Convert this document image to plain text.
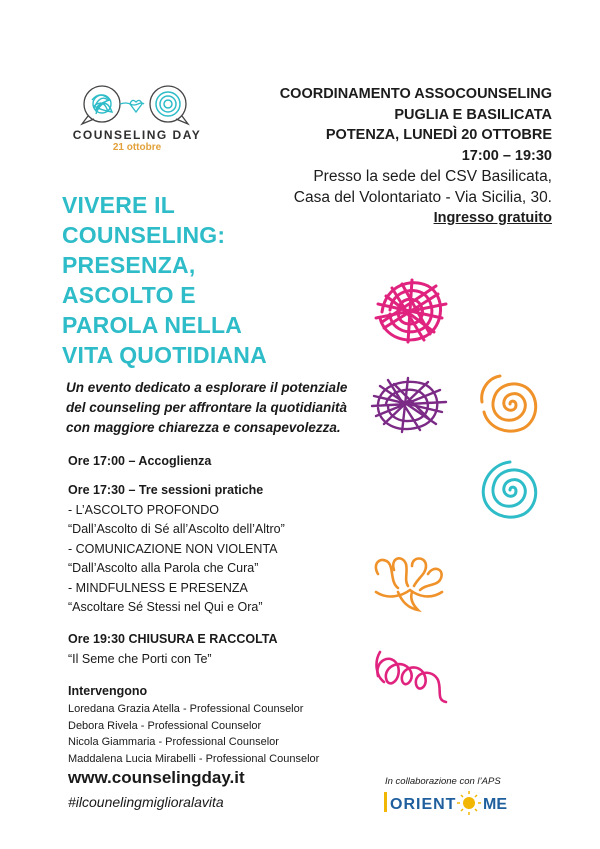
COUNSELING DAY
21 ottobre
COORDINAMENTO ASSOCOUNSELING
PUGLIA E BASILICATA
POTENZA, LUNEDÌ 20 OTTOBRE
17:00 – 19:30
Presso la sede del CSV Basilicata,
Casa del Volontariato - Via Sicilia, 30.
Ingresso gratuito
VIVERE IL
COUNSELING:
PRESENZA,
ASCOLTO E
PAROLA NELLA
VITA QUOTIDIANA
Un evento dedicato a esplorare il potenziale
del counseling per affrontare la quotidianità
con maggiore chiarezza e consapevolezza.
Ore 17:00 – Accoglienza
Ore 17:30 – Tre sessioni pratiche
- L’ASCOLTO PROFONDO
“Dall’Ascolto di Sé all’Ascolto dell’Altro”
- COMUNICAZIONE NON VIOLENTA
“Dall’Ascolto alla Parola che Cura”
- MINDFULNESS E PRESENZA
“Ascoltare Sé Stessi nel Qui e Ora”
Ore 19:30 CHIUSURA E RACCOLTA
“Il Seme che Porti con Te”
Intervengono
Loredana Grazia Atella - Professional Counselor
Debora Rivela - Professional Counselor
Nicola Giammaria - Professional Counselor
Maddalena Lucia Mirabelli - Professional Counselor
www.counselingday.it
#ilcounelingmiglioralavita
In collaborazione con l’APS
ORIENT ME
